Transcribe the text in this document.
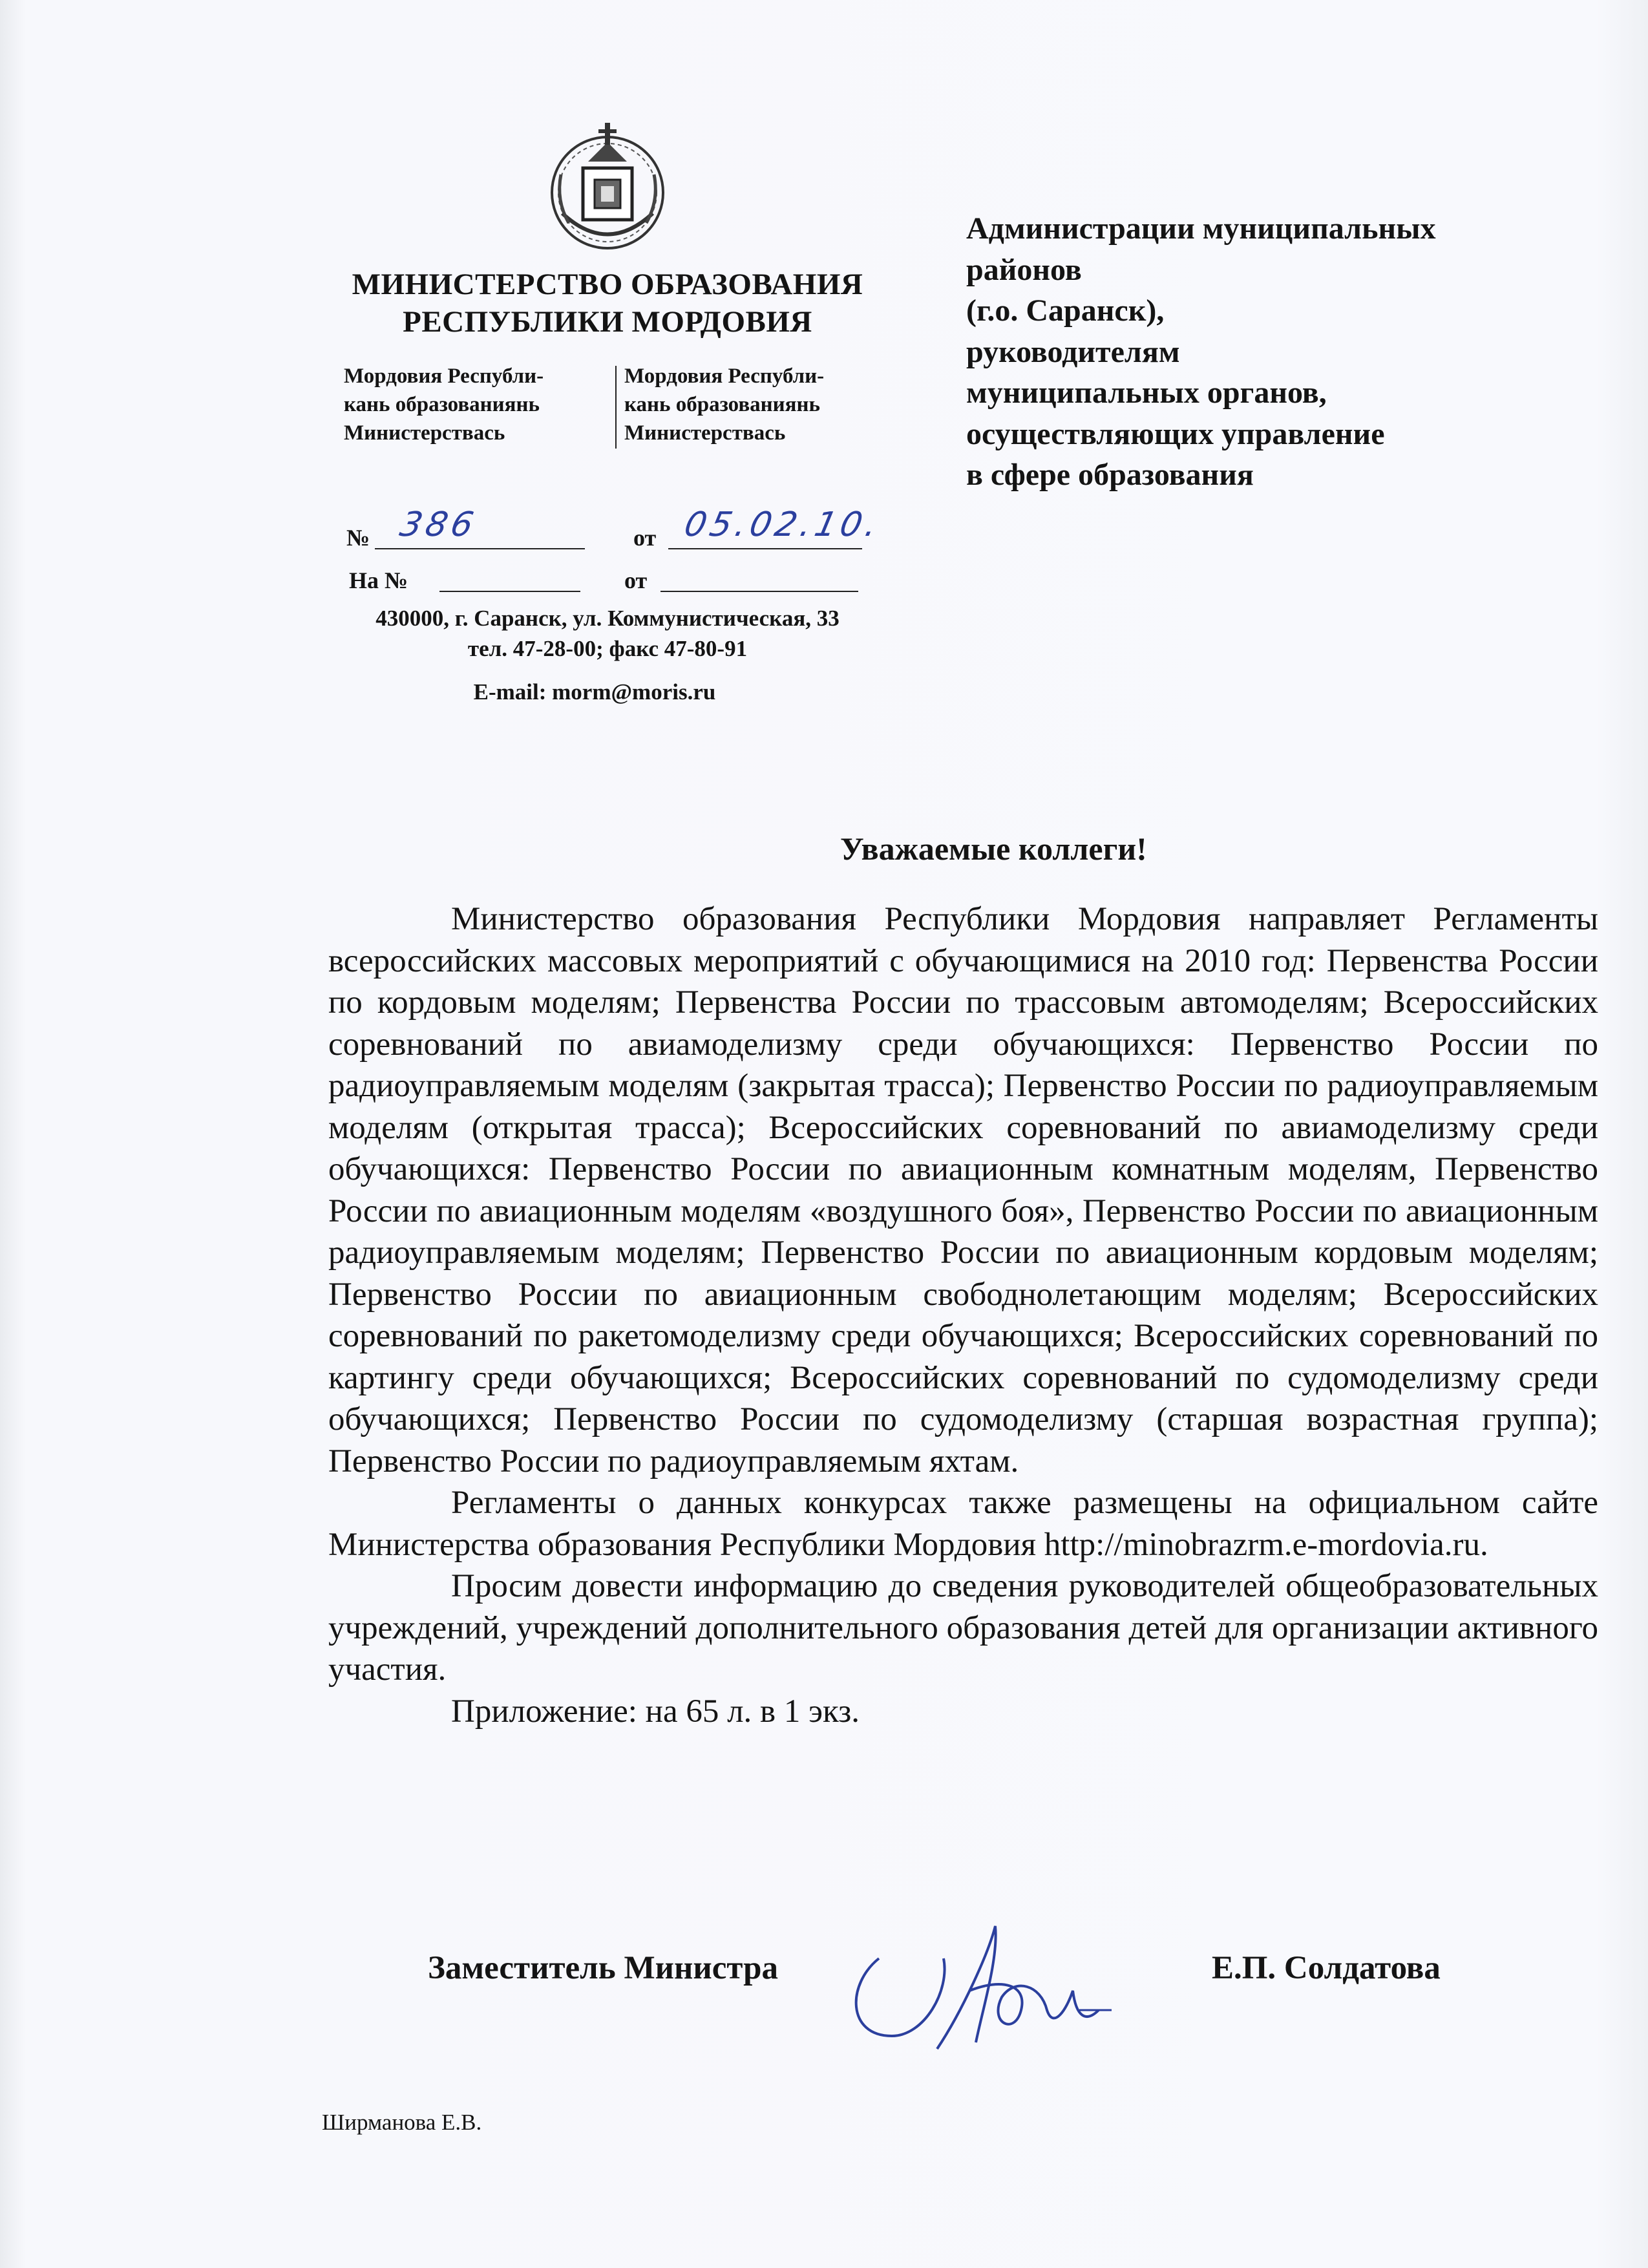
МИНИСТЕРСТВО ОБРАЗОВАНИЯ
РЕСПУБЛИКИ МОРДОВИЯ
Мордовия Республи-
кань образованиянь
Министерствась
Мордовия Республи-
кань образованиянь
Министерствась
№ 386	от 05.02.10.
На №	от
430000, г. Саранск, ул. Коммунистическая, 33
тел. 47-28-00; факс 47-80-91
E-mail: morm@moris.ru
Администрации муниципальных
районов
(г.о. Саранск),
руководителям
муниципальных органов,
осуществляющих управление
в сфере образования
Уважаемые коллеги!

Министерство образования Республики Мордовия направляет Регламенты всероссийских массовых мероприятий с обучающимися на 2010 год: Первенства России по кордовым моделям; Первенства России по трассовым автомоделям; Всероссийских соревнований по авиамоделизму среди обучающихся: Первенство России по радиоуправляемым моделям (закрытая трасса); Первенство России по радиоуправляемым моделям (открытая трасса); Всероссийских соревнований по авиамоделизму среди обучающихся: Первенство России по авиационным комнатным моделям, Первенство России по авиационным моделям «воздушного боя», Первенство России по авиационным радиоуправляемым моделям; Первенство России по авиационным кордовым моделям; Первенство России по авиационным свободнолетающим моделям; Всероссийских соревнований по ракетомоделизму среди обучающихся; Всероссийских соревнований по картингу среди обучающихся; Всероссийских соревнований по судомоделизму среди обучающихся; Первенство России по судомоделизму (старшая возрастная группа); Первенство России по радиоуправляемым яхтам.

Регламенты о данных конкурсах также размещены на официальном сайте Министерства образования Республики Мордовия http://minobrazrm.e-mordovia.ru.

Просим довести информацию до сведения руководителей общеобразовательных учреждений, учреждений дополнительного образования детей для организации активного участия.

Приложение: на 65 л. в 1 экз.

Заместитель Министра	Е.П. Солдатова
Ширманова Е.В.
